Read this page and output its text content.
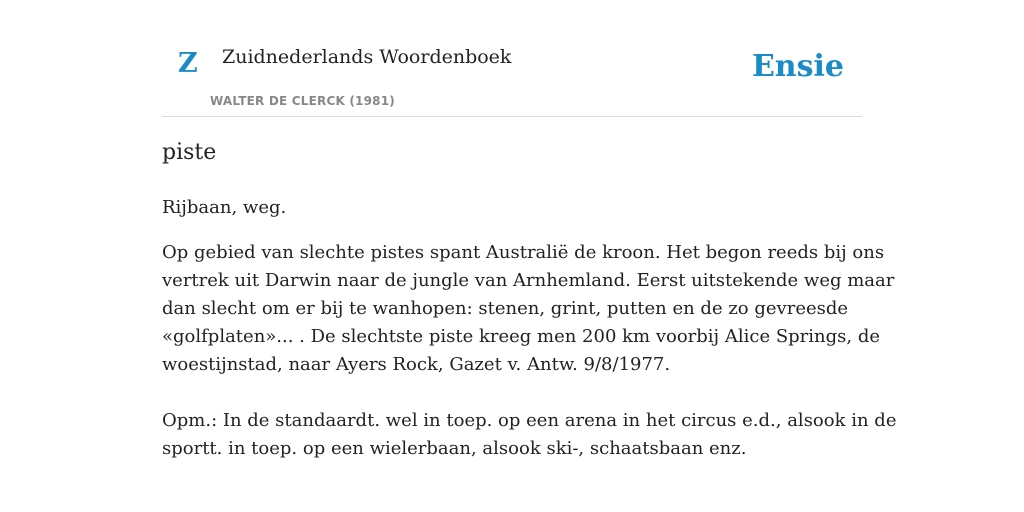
Z Zuidnederlands Woordenboek
WALTER DE CLERCK (1981)
Ensie
piste
Rijbaan, weg.
Op gebied van slechte pistes spant Australië de kroon. Het begon reeds bij ons
vertrek uit Darwin naar de jungle van Arnhemland. Eerst uitstekende weg maar
dan slecht om er bij te wanhopen: stenen, grint, putten en de zo gevreesde
«golfplaten»... . De slechtste piste kreeg men 200 km voorbij Alice Springs, de
woestijnstad, naar Ayers Rock, Gazet v. Antw. 9/8/1977.
Opm.: In de standaardt. wel in toep. op een arena in het circus e.d., alsook in de
sportt. in toep. op een wielerbaan, alsook ski-, schaatsbaan enz.
